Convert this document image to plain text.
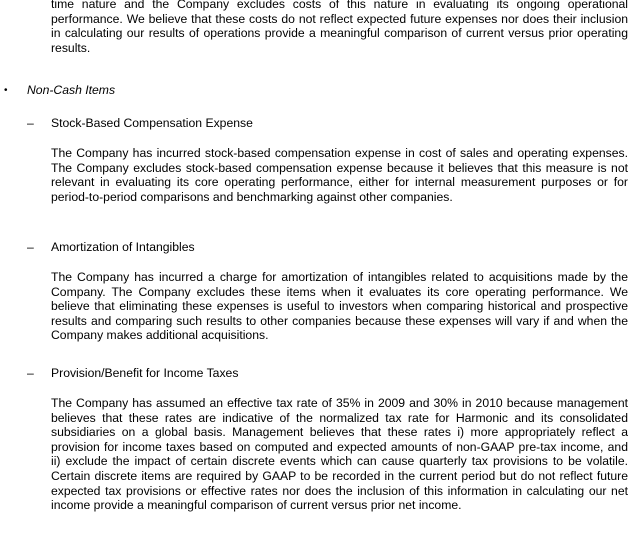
time nature and the Company excludes costs of this nature in evaluating its ongoing operational performance. We believe that these costs do not reflect expected future expenses nor does their inclusion in calculating our results of operations provide a meaningful comparison of current versus prior operating results.

• Non-Cash Items
– Stock-Based Compensation Expense

The Company has incurred stock-based compensation expense in cost of sales and operating expenses. The Company excludes stock-based compensation expense because it believes that this measure is not relevant in evaluating its core operating performance, either for internal measurement purposes or for period-to-period comparisons and benchmarking against other companies.

– Amortization of Intangibles

The Company has incurred a charge for amortization of intangibles related to acquisitions made by the Company. The Company excludes these items when it evaluates its core operating performance. We believe that eliminating these expenses is useful to investors when comparing historical and prospective results and comparing such results to other companies because these expenses will vary if and when the Company makes additional acquisitions.

– Provision/Benefit for Income Taxes

The Company has assumed an effective tax rate of 35% in 2009 and 30% in 2010 because management believes that these rates are indicative of the normalized tax rate for Harmonic and its consolidated subsidiaries on a global basis. Management believes that these rates i) more appropriately reflect a provision for income taxes based on computed and expected amounts of non-GAAP pre-tax income, and ii) exclude the impact of certain discrete events which can cause quarterly tax provisions to be volatile. Certain discrete items are required by GAAP to be recorded in the current period but do not reflect future expected tax provisions or effective rates nor does the inclusion of this information in calculating our net income provide a meaningful comparison of current versus prior net income.
